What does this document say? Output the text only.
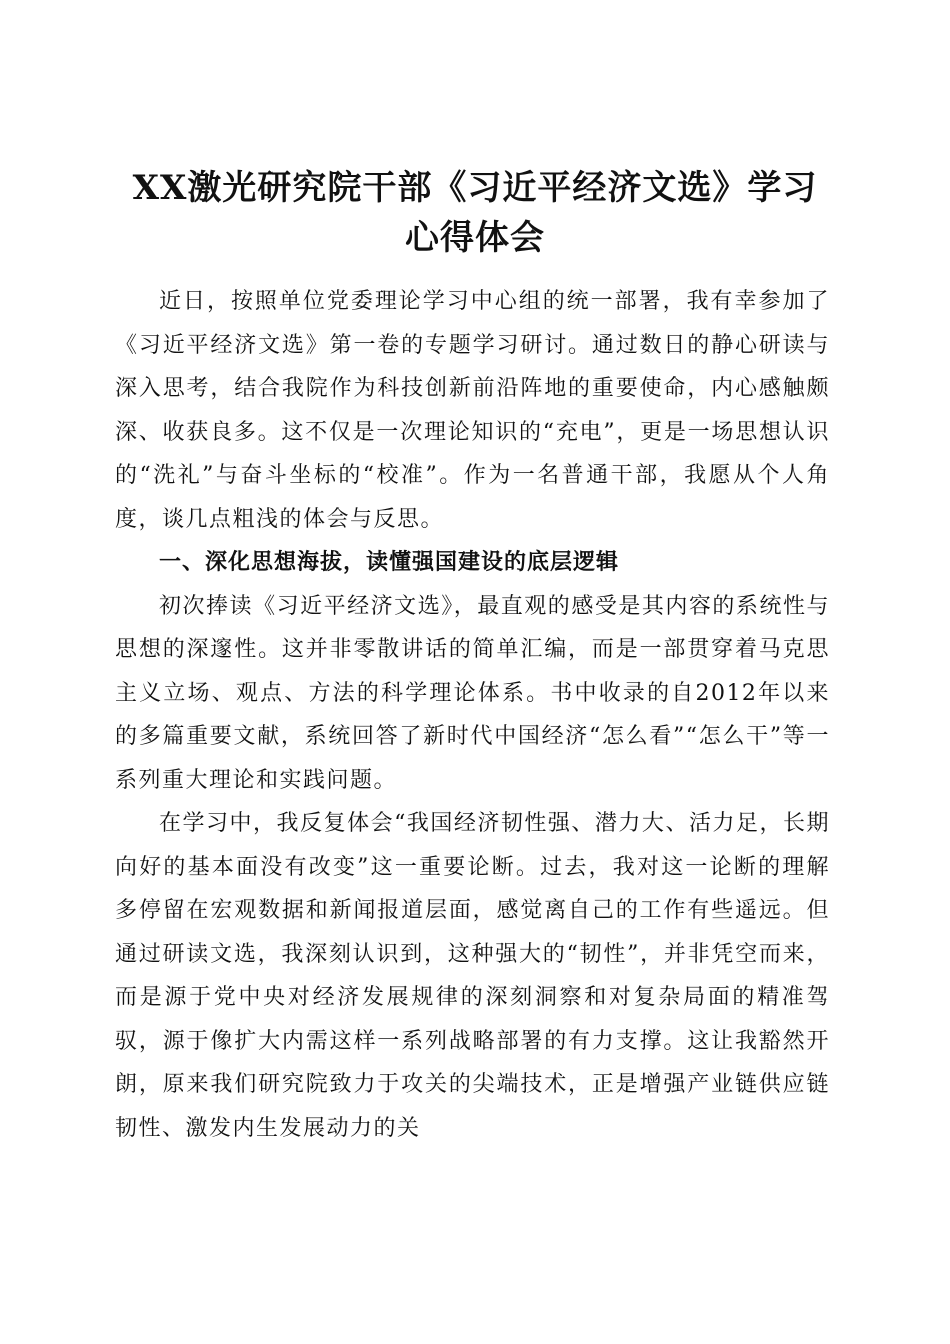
XX激光研究院干部《习近平经济文选》学习
心得体会

近日，按照单位党委理论学习中心组的统一部署，我有幸参加了《习近平经济文选》第一卷的专题学习研讨。通过数日的静心研读与深入思考，结合我院作为科技创新前沿阵地的重要使命，内心感触颇深、收获良多。这不仅是一次理论知识的“充电”，更是一场思想认识的“洗礼”与奋斗坐标的“校准”。作为一名普通干部，我愿从个人角度，谈几点粗浅的体会与反思。

一、深化思想海拔，读懂强国建设的底层逻辑

初次捧读《习近平经济文选》，最直观的感受是其内容的系统性与思想的深邃性。这并非零散讲话的简单汇编，而是一部贯穿着马克思主义立场、观点、方法的科学理论体系。书中收录的自2012年以来的多篇重要文献，系统回答了新时代中国经济“怎么看”“怎么干”等一系列重大理论和实践问题。

在学习中，我反复体会“我国经济韧性强、潜力大、活力足，长期向好的基本面没有改变”这一重要论断。过去，我对这一论断的理解多停留在宏观数据和新闻报道层面，感觉离自己的工作有些遥远。但通过研读文选，我深刻认识到，这种强大的“韧性”，并非凭空而来，而是源于党中央对经济发展规律的深刻洞察和对复杂局面的精准驾驭，源于像扩大内需这样一系列战略部署的有力支撑。这让我豁然开朗，原来我们研究院致力于攻关的尖端技术，正是增强产业链供应链韧性、激发内生发展动力的关
